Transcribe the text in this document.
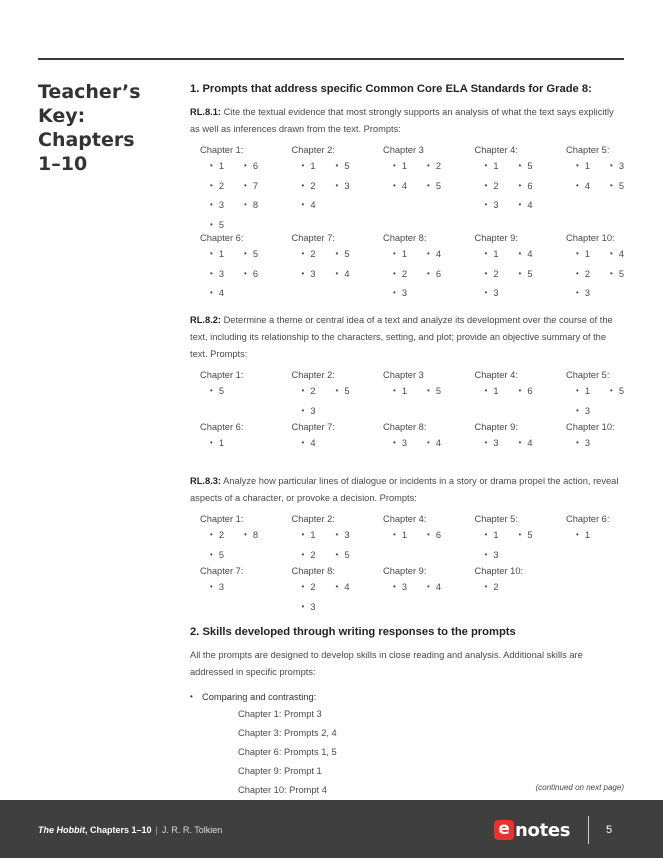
Teacher’s
Key:
Chapters
1–10
1. Prompts that address specific Common Core ELA Standards for Grade 8:

RL.8.1: Cite the textual evidence that most strongly supports an analysis of what the text says explicitly as well as inferences drawn from the text. Prompts:

Chapter 1:
• 1	• 6
• 2	• 7
• 3	• 8
• 5
Chapter 2:
• 1	• 5
• 2	• 3
• 4
Chapter 3
• 1	• 2
• 4	• 5
Chapter 4:
• 1	• 5
• 2	• 6
• 3	• 4
Chapter 5:
• 1	• 3
• 4	• 5
Chapter 6:
• 1	• 5
• 3	• 6
• 4
Chapter 7:
• 2	• 5
• 3	• 4
Chapter 8:
• 1	• 4
• 2	• 6
• 3
Chapter 9:
• 1	• 4
• 2	• 5
• 3
Chapter 10:
• 1	• 4
• 2	• 5
• 3

RL.8.2: Determine a theme or central idea of a text and analyze its development over the course of the text, including its relationship to the characters, setting, and plot; provide an objective summary of the text. Prompts:

Chapter 1:
• 5
Chapter 2:
• 2	• 5
• 3
Chapter 3
• 1	• 5
Chapter 4:
• 1	• 6
Chapter 5:
• 1	• 5
• 3
Chapter 6:
• 1
Chapter 7:
• 4
Chapter 8:
• 3	• 4
Chapter 9:
• 3	• 4
Chapter 10:
• 3

RL.8.3: Analyze how particular lines of dialogue or incidents in a story or drama propel the action, reveal aspects of a character, or provoke a decision. Prompts:

Chapter 1:
• 2	• 8
• 5
Chapter 2:
• 1	• 3
• 2	• 5
Chapter 4:
• 1	• 6
Chapter 5:
• 1	• 5
• 3
Chapter 6:
• 1
Chapter 7:
• 3
Chapter 8:
• 2	• 4
• 3
Chapter 9:
• 3	• 4
Chapter 10:
• 2
2. Skills developed through writing responses to the prompts

All the prompts are designed to develop skills in close reading and analysis. Additional skills are addressed in specific prompts:

• Comparing and contrasting:
Chapter 1: Prompt 3
Chapter 3: Prompts 2, 4
Chapter 6: Prompts 1, 5
Chapter 9: Prompt 1
Chapter 10: Prompt 4	(continued on next page)
The Hobbit, Chapters 1–10 | J. R. R. Tolkien	e notes	5
